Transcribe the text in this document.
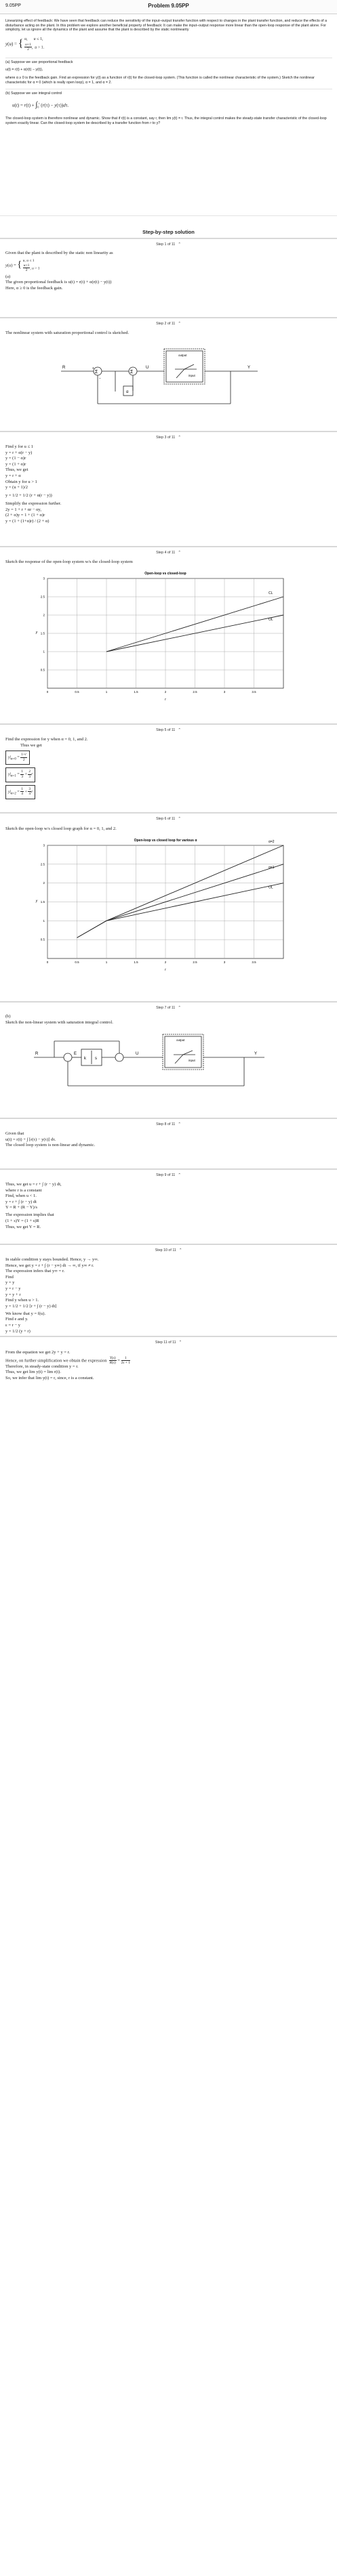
9.05PP	Problem 9.05PP

Linearizing effect of feedback: We have seen that feedback can reduce the sensitivity of the input–output transfer function with respect to changes in the plant transfer function, and reduce the effects of a disturbance acting on the plant. In this problem we explore another beneficial property of feedback: It can make the input–output response more linear than the open-loop response of the plant alone. For simplicity, let us ignore all the dynamics of the plant and assume that the plant is described by the static nonlinearity

y(u) = { u,      u ≤ 1,

$\frac{u+1}{2}$ ,  u > 1.

(a) Suppose we use proportional feedback

u(t) = r(t) + α(r(t) − y(t)),

where α ≥ 0 is the feedback gain. Find an expression for y(t) as a function of r(t) for the closed-loop system. (This function is called the nonlinear characteristic of the system.) Sketch the nonlinear characteristic for α = 0 (which is really open loop), α = 1, and α = 2.

(b) Suppose we use integral control

$u(t) = r(t) + \int_0^t$ (r(τ) − y(τ))dτ.

The closed-loop system is therefore nonlinear and dynamic. Show that if r(t) is a constant, say r, then lim y(t) = r. Thus, the integral control makes the steady-state transfer characteristic of the closed-loop system exactly linear. Can the closed-loop system be described by a transfer function from r to y?

Step-by-step solution
Step 1 of 11 ⌃
Given that the plant is described by the static non linearity as
y(u) = { u, u ≤ 1

$\frac{u+1}{2}$ , u > 1
(a)
The given proportional feedback is u(t) = r(t) + α(r(t) − y(t))
Here, α ≥ 0 is the feedback gain.
Step 2 of 11 ⌃
The nonlinear system with saturation proportional control is sketched.
R
Σ	Σ
U	Y
output
input
α
−
+
Step 3 of 11 ⌃
Find y for u ≤ 1
y = r + α(r − y)
y = (1 − α)r
y = (1 + α)r
Thus, we get
y = r + α
Obtain y for u > 1
y = (u + 1)/2
y = 1/2 + 1/2 (r + α(r − y))
Simplify the expression further.
2y = 1 + r + αr − αy,
(2 + α)y = 1 + (1 + α)r
y = (1 + (1+α)r) / (2 + α)
Step 4 of 11 ⌃
Sketch the response of the open-loop system w/s the closed-loop system
Open-loop vs closed-loop
0	0.5	1	1.5	2	2.5	3	3.5
0.5
1
1.5
2
2.5
3
r
y
CL
OL
Step 5 of 11 ⌃
Find the expression for y when α = 0, 1, and 2.
Thus we get
$y|_{\alpha=0} = \frac{1+r}{2}$
$y|_{\alpha=1} = \frac{1}{3} + \frac{2}{3}$ r
$y|_{\alpha=2} = \frac{1}{4} + \frac{3}{4}$ r
Step 6 of 11 ⌃
Sketch the open-loop w/s closed loop graph for α = 0, 1, and 2.
Open-loop vs closed loop for various α
0	0.5	1	1.5	2	2.5	3	3.5
0.5
1
1.5
2
2.5
3
r
y
α=2
α=1
OL
Step 7 of 11 ⌃
(b)
Sketch the non-linear system with saturation integral control.
R	E
k s
U	Y
output
input
Step 8 of 11 ⌃
Given that
u(t) = r(t) + ∫ [r(τ) − y(τ)] dτ.
The closed loop system is non-linear and dynamic.
Step 9 of 11 ⌃
Thus, we get u = r + ∫ (r − y) dt,
where r is a constant
Find, when u < 1.
y = r + ∫ (r − y) dt
Y = R + (R − Y)/s
The expression implies that
(1 + s)Y = (1 + s)R
Thus, we get Y = R.
Step 10 of 11 ⌃
In stable condition y stays bounded. Hence, y → y∞.
Hence, we get y = r + ∫ (r − y∞) dt → ∞, if y∞ ≠ r.
The expression infers that y∞ = r.
Find
y = y
y = r − y
y = y + r
Find y when u > 1.
y = 1/2 + 1/2 [r + ∫ (r − y) dt]
We know that y = f(u).
Find e and y.
ε = r − y
y = 1/2 (y + r)
Step 11 of 11 ⌃
From the equation we get 2y + y = r.
Hence, on further simplification we obtain the expression $\frac{Y(s)}{R(s)} = \frac{1}{2s + 1}$
Therefore, in steady-state condition y = r.
Thus, we get lim y(t) = lim r(t).
So, we infer that lim y(t) = r, since, r is a constant.
